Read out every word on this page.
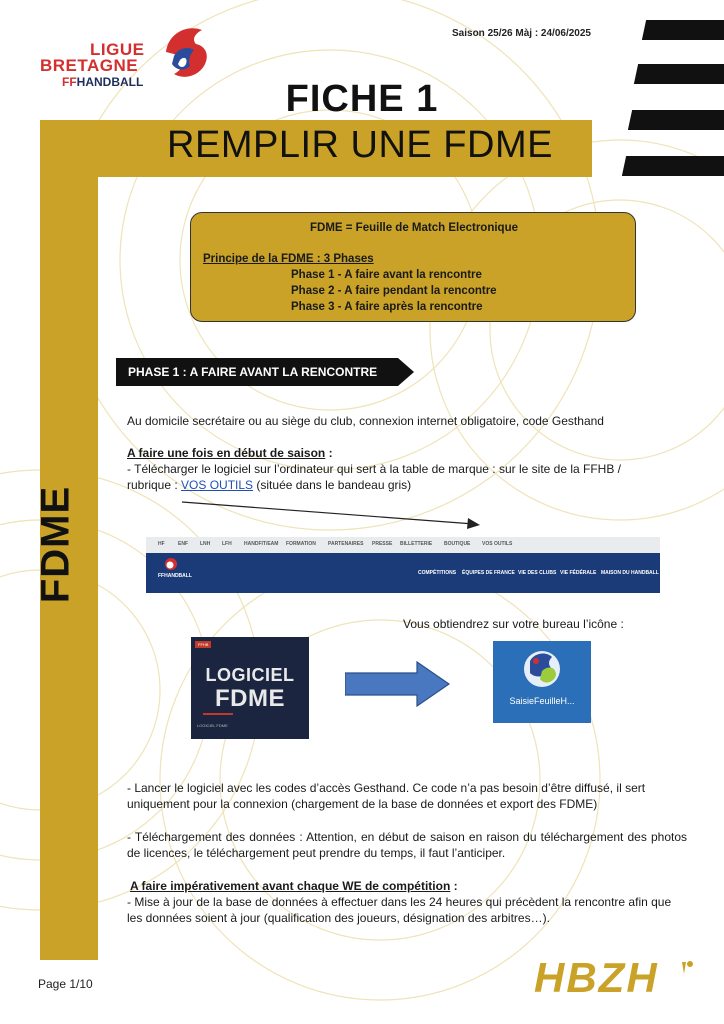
LIGUE
BRETAGNE
FFHANDBALL
Saison 25/26 Màj : 24/06/2025
FICHE 1
REMPLIR UNE FDME
FDME
FDME = Feuille de Match Electronique
Principe de la FDME : 3 Phases
Phase 1 - A faire avant la rencontre
Phase 2 - A faire pendant la rencontre
Phase 3 - A faire après la rencontre
PHASE 1 : A FAIRE AVANT LA RENCONTRE
Au domicile secrétaire ou au siège du club, connexion internet obligatoire, code Gesthand
A faire une fois en début de saison :
- Télécharger le logiciel sur l’ordinateur qui sert à la table de marque : sur le site de la FFHB /
rubrique : VOS OUTILS (située dans le bandeau gris)
HF	ENF LNH LFH HANDFIT/EAM FORMATION PARTENAIRES PRESSE BILLETTERIE BOUTIQUE VOS OUTILS
FFHANDBALL	COMPÉTITIONS ÉQUIPES DE FRANCE VIE DES CLUBS VIE FÉDÉRALE MAISON DU HANDBALL
Vous obtiendrez sur votre bureau l’icône :
FFHB
LOGICIEL
FDME
LOGICIEL FDME
SaisieFeuilleH...
- Lancer le logiciel avec les codes d’accès Gesthand. Ce code n’a pas besoin d’être diffusé, il sert uniquement pour la connexion (chargement de la base de données et export des FDME)
- Téléchargement des données : Attention, en début de saison en raison du téléchargement des photos de licences, le téléchargement peut prendre du temps, il faut l’anticiper.
A faire impérativement avant chaque WE de compétition :
- Mise à jour de la base de données à effectuer dans les 24 heures qui précèdent la rencontre afin que les données soient à jour (qualification des joueurs, désignation des arbitres…).
Page 1/10	HBZH
